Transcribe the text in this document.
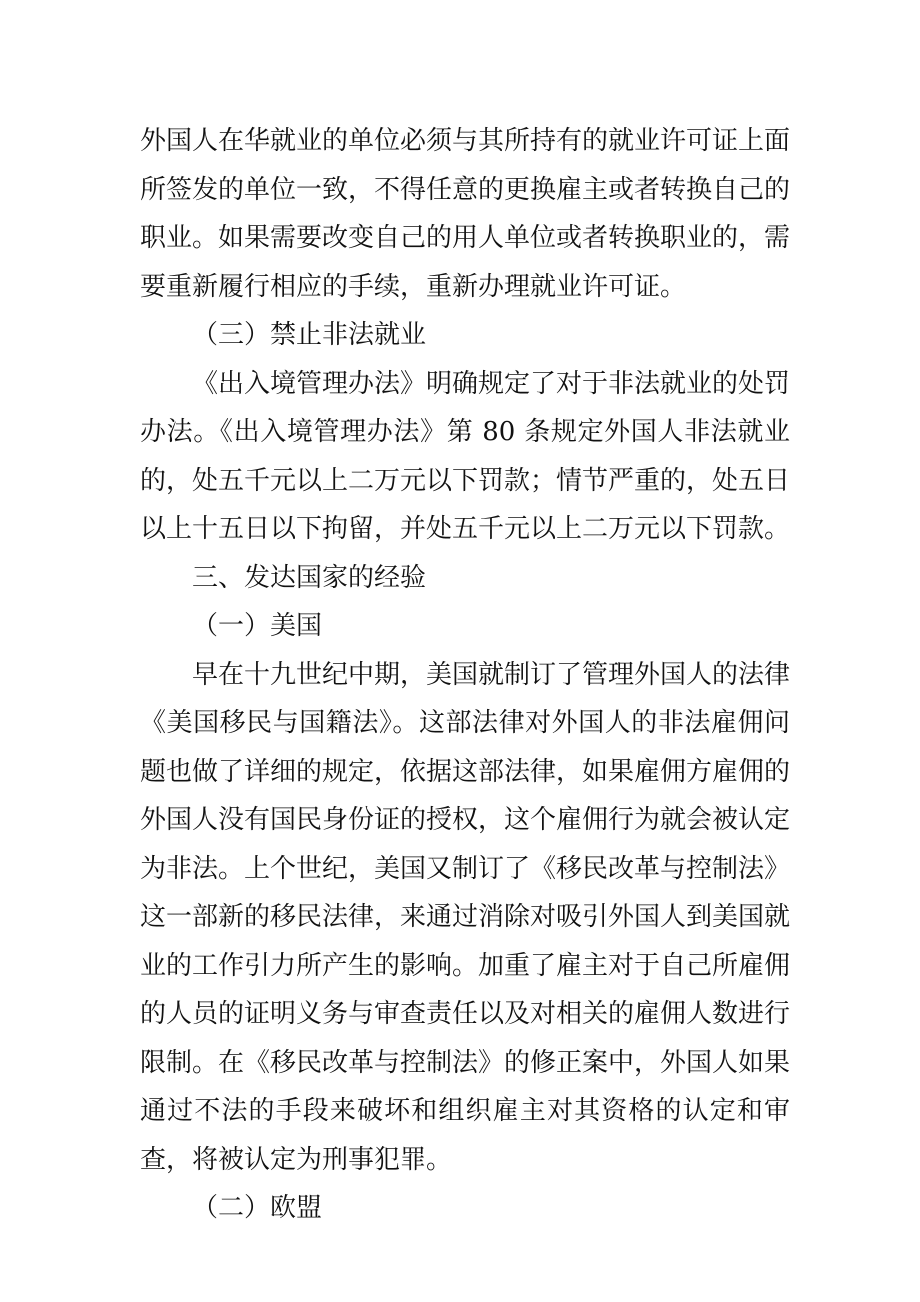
外国人在华就业的单位必须与其所持有的就业许可证上面所签发的单位一致，不得任意的更换雇主或者转换自己的职业。如果需要改变自己的用人单位或者转换职业的，需要重新履行相应的手续，重新办理就业许可证。

（三）禁止非法就业

《出入境管理办法》明确规定了对于非法就业的处罚办法。《出入境管理办法》第 80 条规定外国人非法就业的，处五千元以上二万元以下罚款；情节严重的，处五日以上十五日以下拘留，并处五千元以上二万元以下罚款。

三、发达国家的经验

（一）美国

早在十九世纪中期，美国就制订了管理外国人的法律《美国移民与国籍法》。这部法律对外国人的非法雇佣问题也做了详细的规定，依据这部法律，如果雇佣方雇佣的外国人没有国民身份证的授权，这个雇佣行为就会被认定为非法。上个世纪，美国又制订了《移民改革与控制法》这一部新的移民法律，来通过消除对吸引外国人到美国就业的工作引力所产生的影响。加重了雇主对于自己所雇佣的人员的证明义务与审查责任以及对相关的雇佣人数进行限制。在《移民改革与控制法》的修正案中，外国人如果通过不法的手段来破坏和组织雇主对其资格的认定和审查，将被认定为刑事犯罪。

（二）欧盟
